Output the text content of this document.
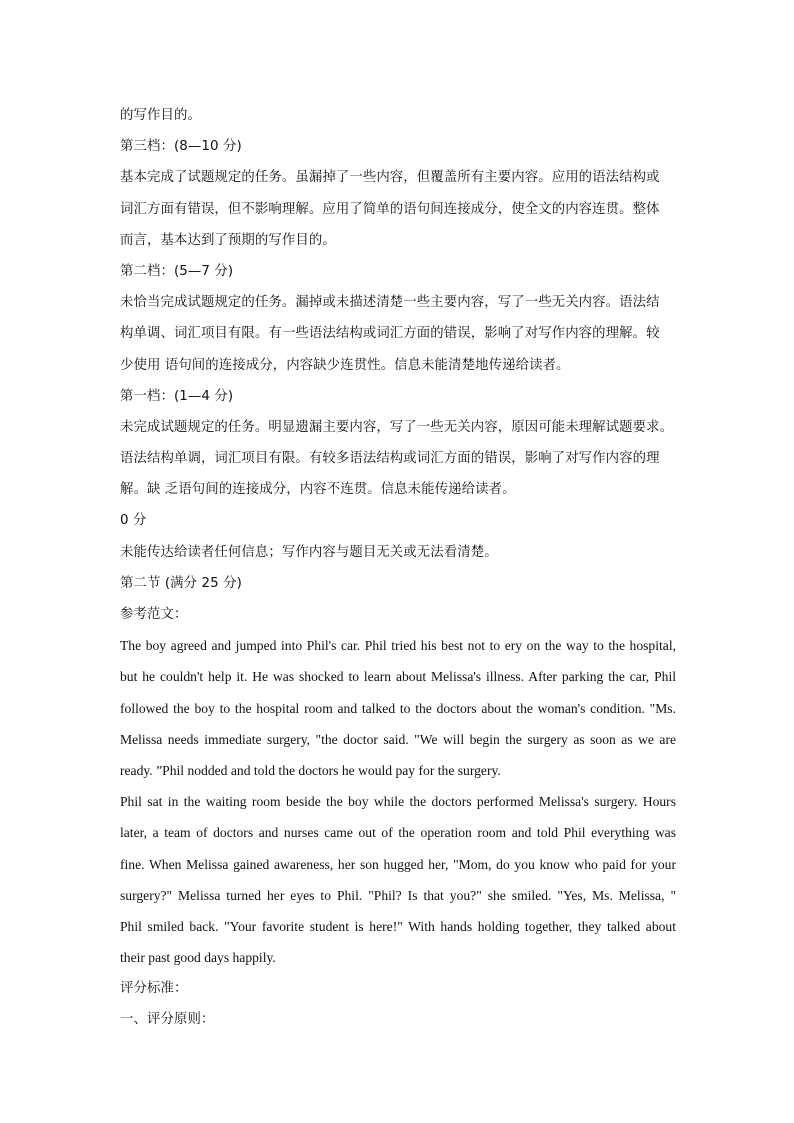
的写作目的。
第三档：(8—10 分)
基本完成了试题规定的任务。虽漏掉了一些内容，但覆盖所有主要内容。应用的语法结构或
词汇方面有错误，但不影响理解。应用了简单的语句间连接成分，使全文的内容连贯。整体
而言，基本达到了预期的写作目的。
第二档：(5—7 分)
未恰当完成试题规定的任务。漏掉或未描述清楚一些主要内容，写了一些无关内容。语法结
构单调、词汇项目有限。有一些语法结构或词汇方面的错误，影响了对写作内容的理解。较
少使用 语句间的连接成分，内容缺少连贯性。信息未能清楚地传递给读者。
第一档：(1—4 分)
未完成试题规定的任务。明显遗漏主要内容，写了一些无关内容，原因可能未理解试题要求。
语法结构单调，词汇项目有限。有较多语法结构或词汇方面的错误，影响了对写作内容的理
解。缺 乏语句间的连接成分，内容不连贯。信息未能传递给读者。
0 分
未能传达给读者任何信息；写作内容与题目无关或无法看清楚。
第二节 (满分 25 分)
参考范文：
The boy agreed and jumped into Phil's car. Phil tried his best not to ery on the way to the hospital,
but he couldn't help it. He was shocked to learn about Melissa's illness. After parking the car, Phil
followed the boy to the hospital room and talked to the doctors about the woman's condition. "Ms.
Melissa needs immediate surgery, "the doctor said. "We will begin the surgery as soon as we are
ready. ”Phil nodded and told the doctors he would pay for the surgery.
Phil sat in the waiting room beside the boy while the doctors performed Melissa's surgery. Hours
later, a team of doctors and nurses came out of the operation room and told Phil everything was
fine. When Melissa gained awareness, her son hugged her, "Mom, do you know who paid for your
surgery?" Melissa turned her eyes to Phil. "Phil? Is that you?" she smiled. "Yes, Ms. Melissa, "
Phil smiled back. "Your favorite student is here!" With hands holding together, they talked about
their past good days happily.
评分标准：
一、评分原则：
